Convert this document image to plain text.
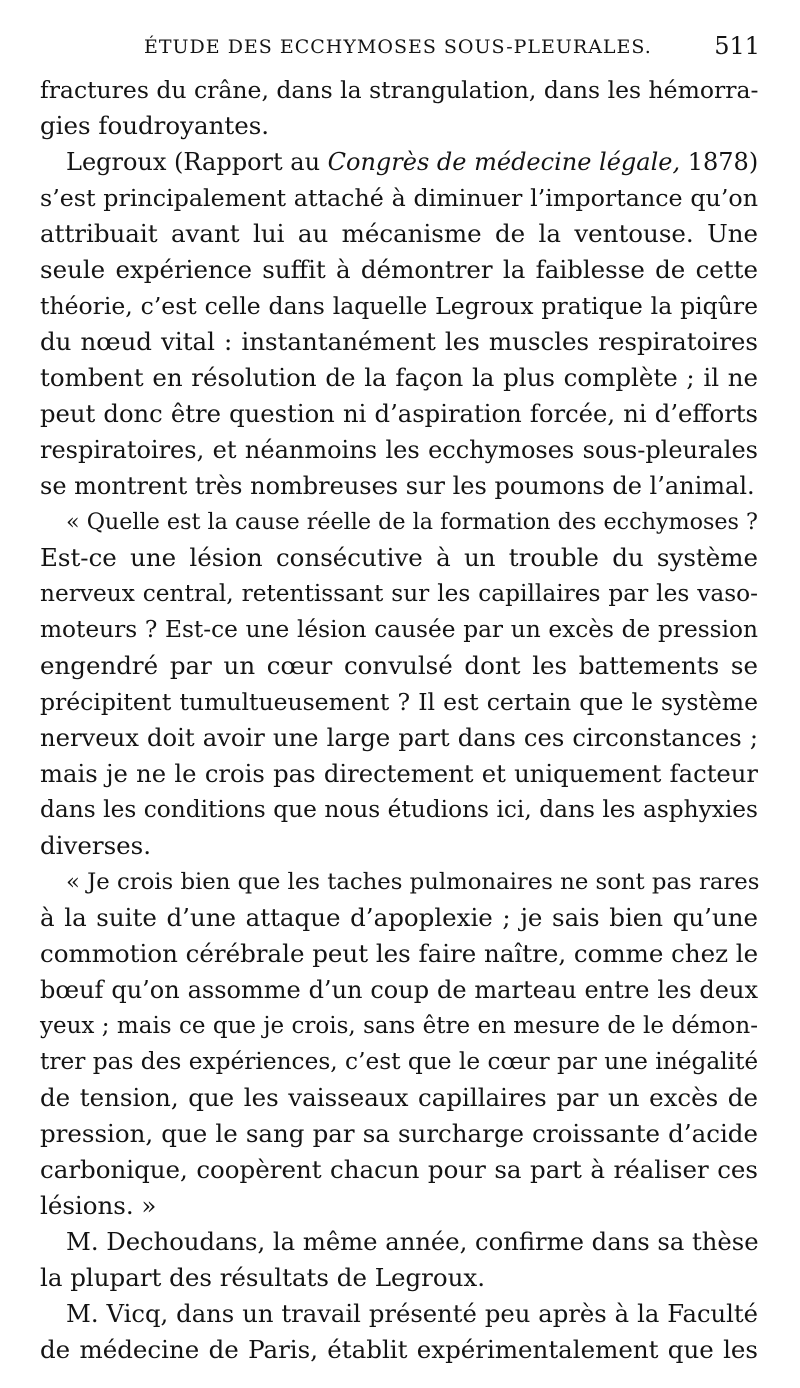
ÉTUDE DES ECCHYMOSES SOUS-PLEURALES.	511
fractures du crâne, dans la strangulation, dans les hémorra-
gies foudroyantes.
Legroux (Rapport au Congrès de médecine légale, 1878)
s’est principalement attaché à diminuer l’importance qu’on
attribuait avant lui au mécanisme de la ventouse. Une
seule expérience suffit à démontrer la faiblesse de cette
théorie, c’est celle dans laquelle Legroux pratique la piqûre
du nœud vital : instantanément les muscles respiratoires
tombent en résolution de la façon la plus complète ; il ne
peut donc être question ni d’aspiration forcée, ni d’efforts
respiratoires, et néanmoins les ecchymoses sous-pleurales
se montrent très nombreuses sur les poumons de l’animal.
« Quelle est la cause réelle de la formation des ecchymoses ?
Est-ce une lésion consécutive à un trouble du système
nerveux central, retentissant sur les capillaires par les vaso-
moteurs ? Est-ce une lésion causée par un excès de pression
engendré par un cœur convulsé dont les battements se
précipitent tumultueusement ? Il est certain que le système
nerveux doit avoir une large part dans ces circonstances ;
mais je ne le crois pas directement et uniquement facteur
dans les conditions que nous étudions ici, dans les asphyxies
diverses.
« Je crois bien que les taches pulmonaires ne sont pas rares
à la suite d’une attaque d’apoplexie ; je sais bien qu’une
commotion cérébrale peut les faire naître, comme chez le
bœuf qu’on assomme d’un coup de marteau entre les deux
yeux ; mais ce que je crois, sans être en mesure de le démon-
trer pas des expériences, c’est que le cœur par une inégalité
de tension, que les vaisseaux capillaires par un excès de
pression, que le sang par sa surcharge croissante d’acide
carbonique, coopèrent chacun pour sa part à réaliser ces
lésions. »
M. Dechoudans, la même année, confirme dans sa thèse
la plupart des résultats de Legroux.
M. Vicq, dans un travail présenté peu après à la Faculté
de médecine de Paris, établit expérimentalement que les
